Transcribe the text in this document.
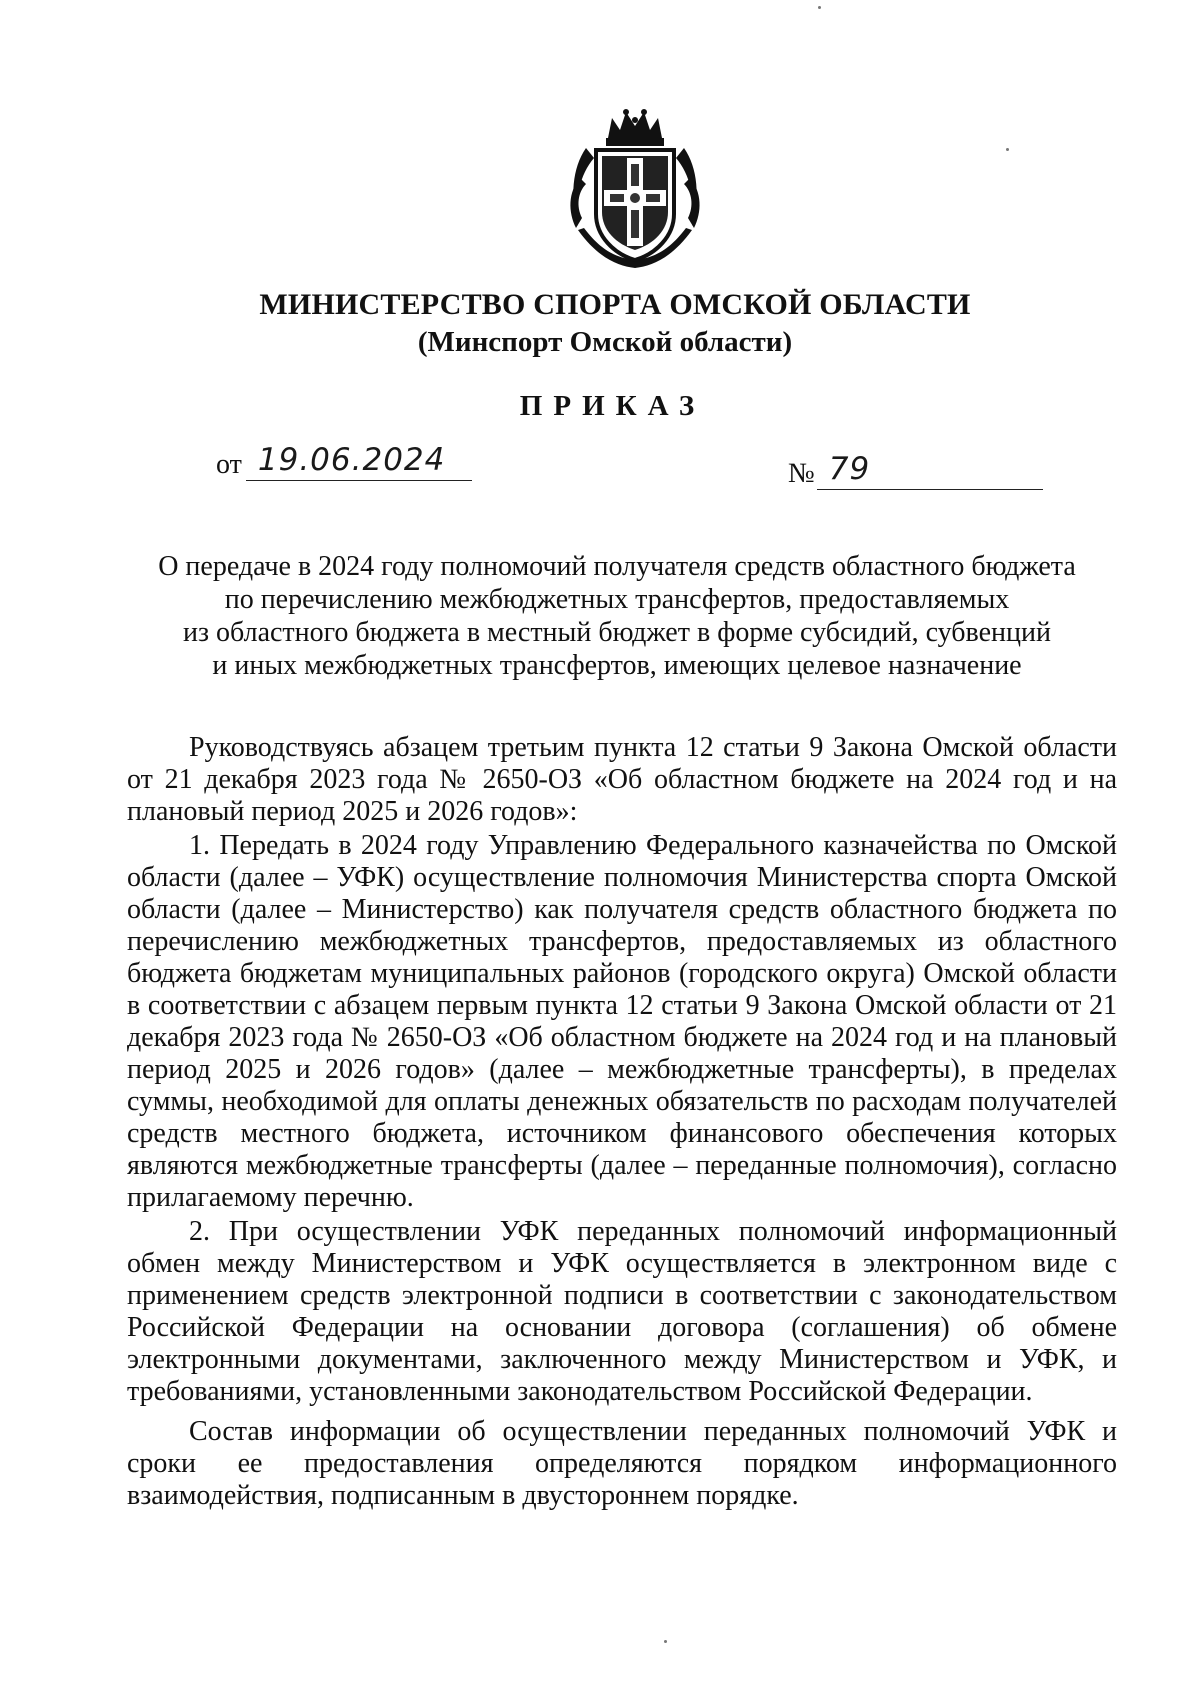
МИНИСТЕРСТВО СПОРТА ОМСКОЙ ОБЛАСТИ
(Минспорт Омской области)
ПРИКАЗ
от 19.06.2024	№ 79
О передаче в 2024 году полномочий получателя средств областного бюджета
по перечислению межбюджетных трансфертов, предоставляемых
из областного бюджета в местный бюджет в форме субсидий, субвенций
и иных межбюджетных трансфертов, имеющих целевое назначение

Руководствуясь абзацем третьим пункта 12 статьи 9 Закона Омской области от 21 декабря 2023 года № 2650-ОЗ «Об областном бюджете на 2024 год и на плановый период 2025 и 2026 годов»:

1. Передать в 2024 году Управлению Федерального казначейства по Омской области (далее – УФК) осуществление полномочия Министерства спорта Омской области (далее – Министерство) как получателя средств областного бюджета по перечислению межбюджетных трансфертов, предоставляемых из областного бюджета бюджетам муниципальных районов (городского округа) Омской области в соответствии с абзацем первым пункта 12 статьи 9 Закона Омской области от 21 декабря 2023 года № 2650-ОЗ «Об областном бюджете на 2024 год и на плановый период 2025 и 2026 годов» (далее – межбюджетные трансферты), в пределах суммы, необходимой для оплаты денежных обязательств по расходам получателей средств местного бюджета, источником финансового обеспечения которых являются межбюджетные трансферты (далее – переданные полномочия), согласно прилагаемому перечню.

2. При осуществлении УФК переданных полномочий информационный обмен между Министерством и УФК осуществляется в электронном виде с применением средств электронной подписи в соответствии с законодательством Российской Федерации на основании договора (соглашения) об обмене электронными документами, заключенного между Министерством и УФК, и требованиями, установленными законодательством Российской Федерации.

Состав информации об осуществлении переданных полномочий УФК и сроки ее предоставления определяются порядком информационного взаимодействия, подписанным в двустороннем порядке.
